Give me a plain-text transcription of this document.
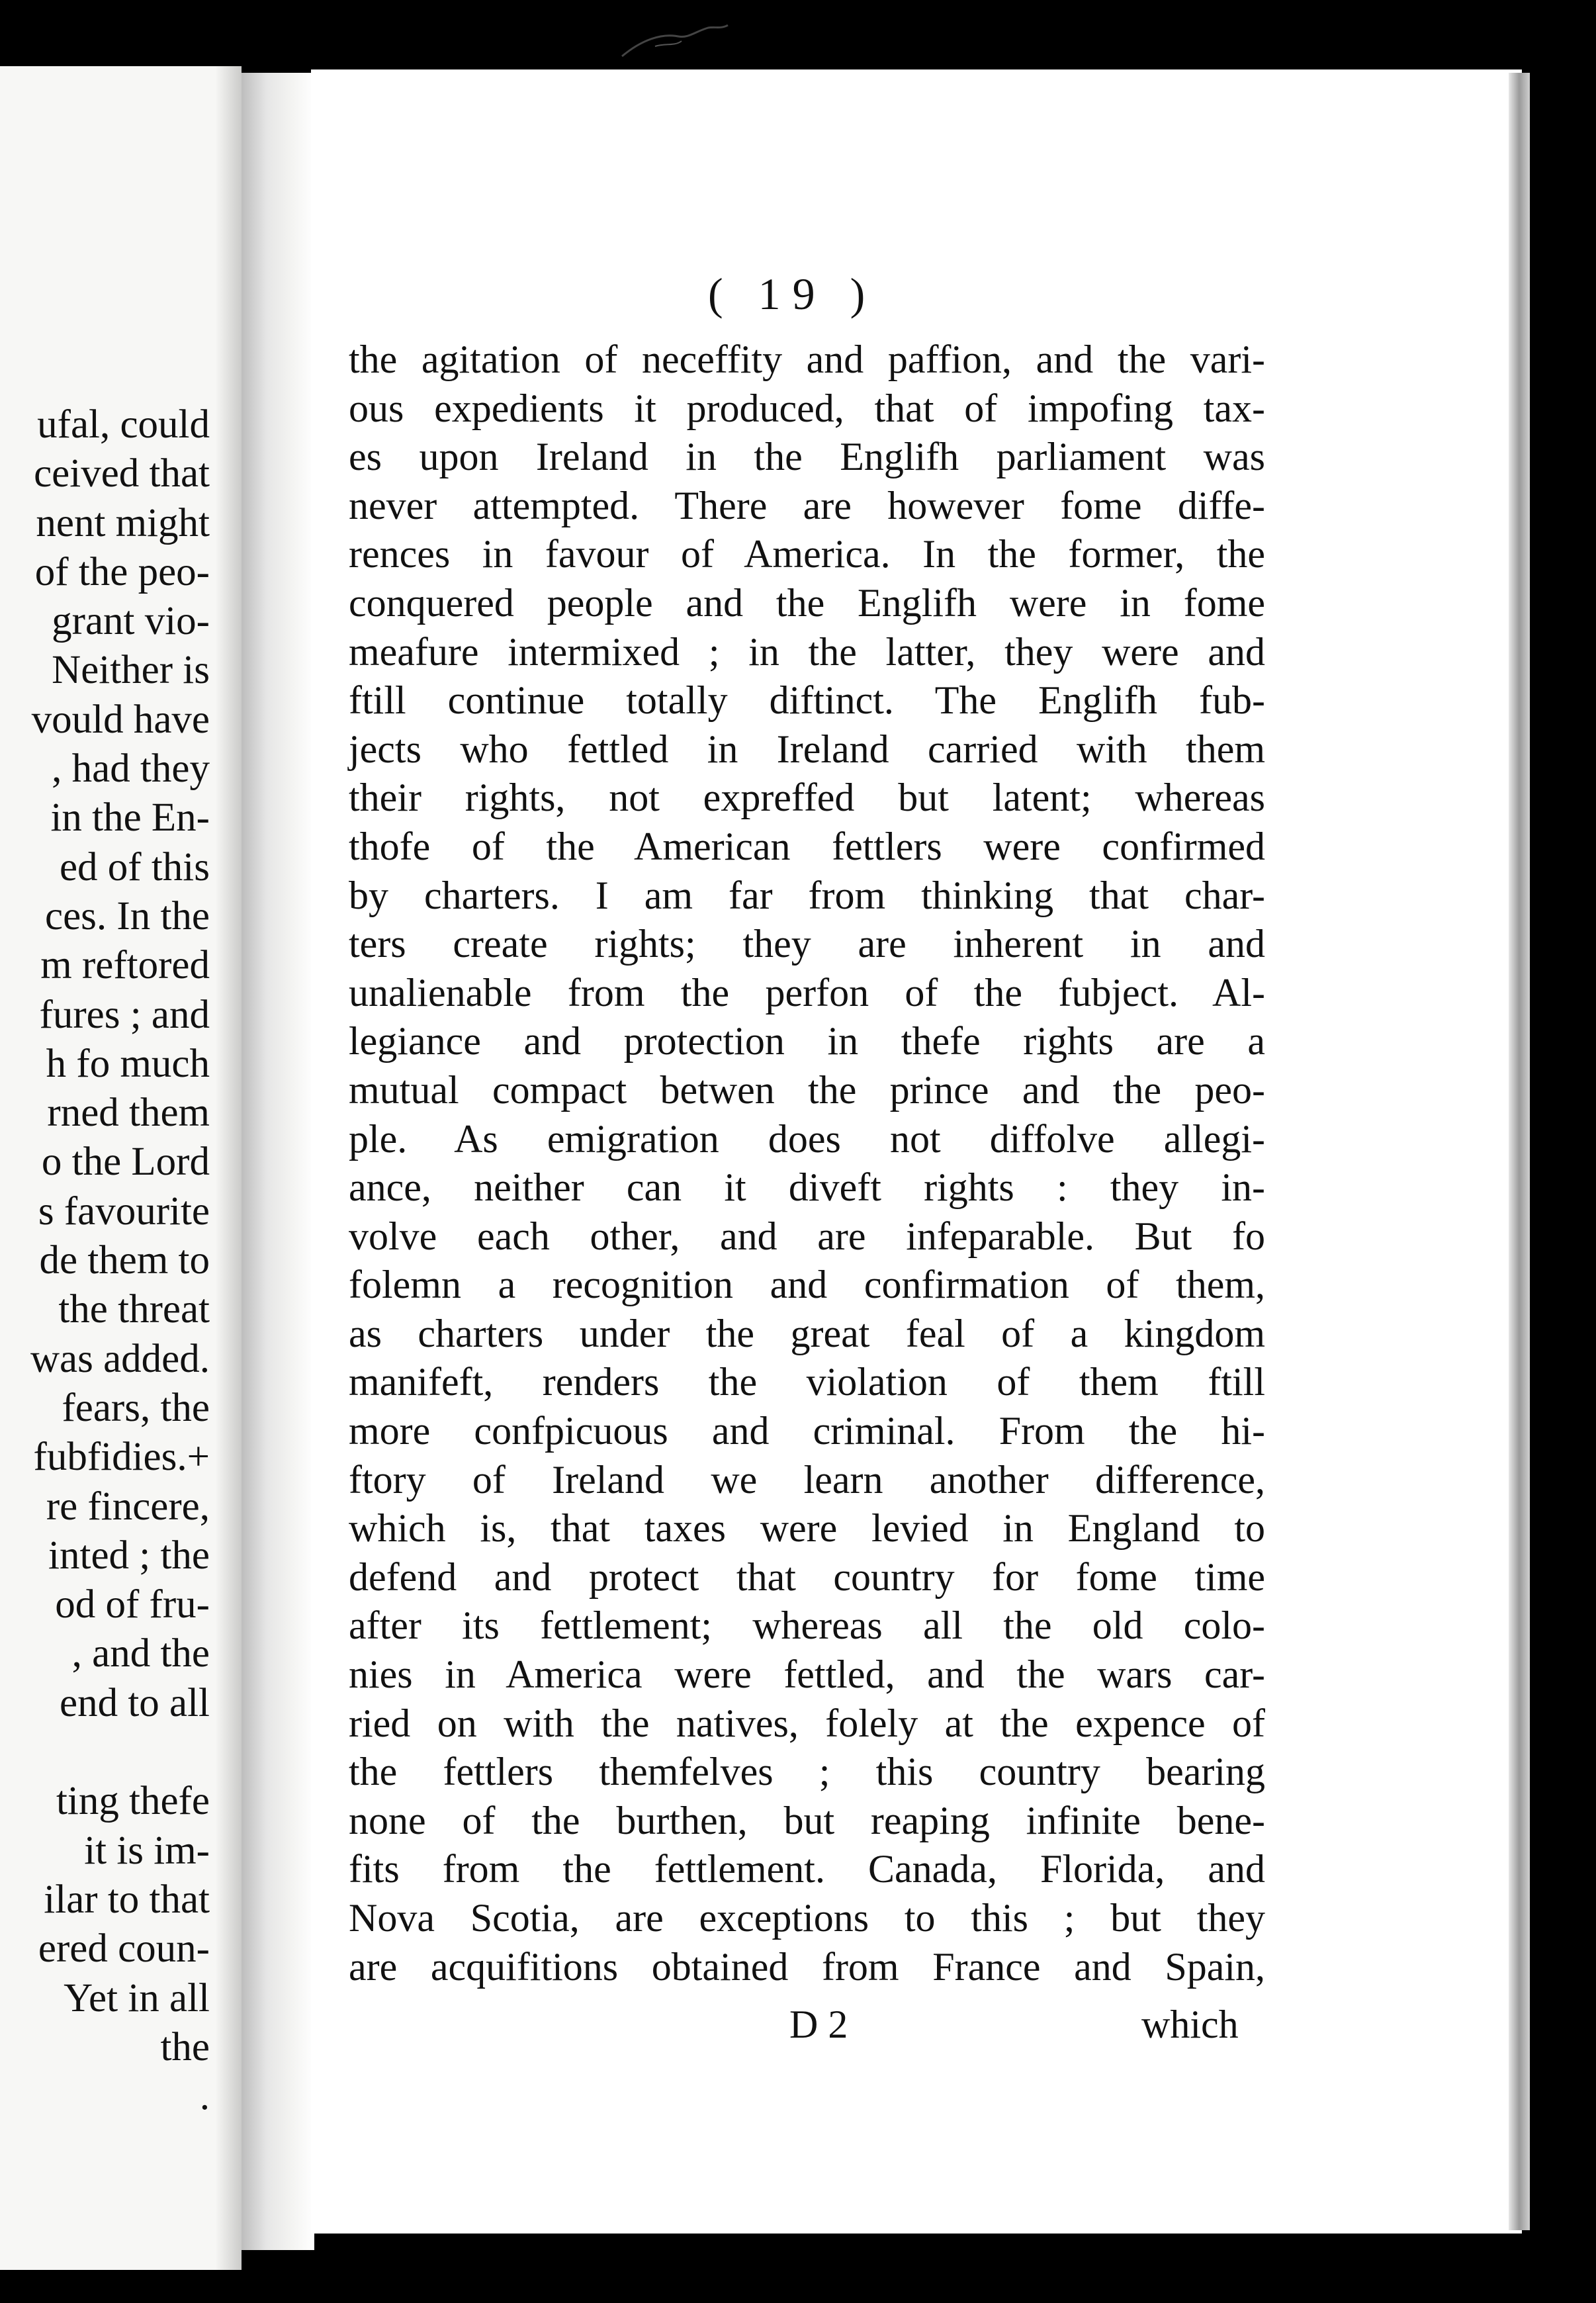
ufal, could
ceived that
nent might
of the peo-
grant vio-
Neither is
vould have
, had they
in the En-
ed of this
ces. In the
m reftored
fures ; and
h fo much
rned them
o the Lord
s favourite
de them to
the threat
was added.
fears, the
fubfidies.+
re fincere,
inted ; the
od of fru-
, and the
end to all
ting thefe
it is im-
ilar to that
ered coun-
Yet in all
the
.
( 19 )
the agitation of neceffity and paffion, and the vari-
ous expedients it produced, that of impofing tax-
es upon Ireland in the Englifh parliament was
never attempted. There are however fome diffe-
rences in favour of America. In the former, the
conquered people and the Englifh were in fome
meafure intermixed ; in the latter, they were and
ftill continue totally diftinct. The Englifh fub-
jects who fettled in Ireland carried with them
their rights, not expreffed but latent; whereas
thofe of the American fettlers were confirmed
by charters. I am far from thinking that char-
ters create rights; they are inherent in and
unalienable from the perfon of the fubject. Al-
legiance and protection in thefe rights are a
mutual compact betwen the prince and the peo-
ple. As emigration does not diffolve allegi-
ance, neither can it diveft rights : they in-
volve each other, and are infeparable. But fo
folemn a recognition and confirmation of them,
as charters under the great feal of a kingdom
manifeft, renders the violation of them ftill
more confpicuous and criminal. From the hi-
ftory of Ireland we learn another difference,
which is, that taxes were levied in England to
defend and protect that country for fome time
after its fettlement; whereas all the old colo-
nies in America were fettled, and the wars car-
ried on with the natives, folely at the expence of
the fettlers themfelves ; this country bearing
none of the burthen, but reaping infinite bene-
fits from the fettlement. Canada, Florida, and
Nova Scotia, are exceptions to this ; but they
are acquifitions obtained from France and Spain,
D 2	which
